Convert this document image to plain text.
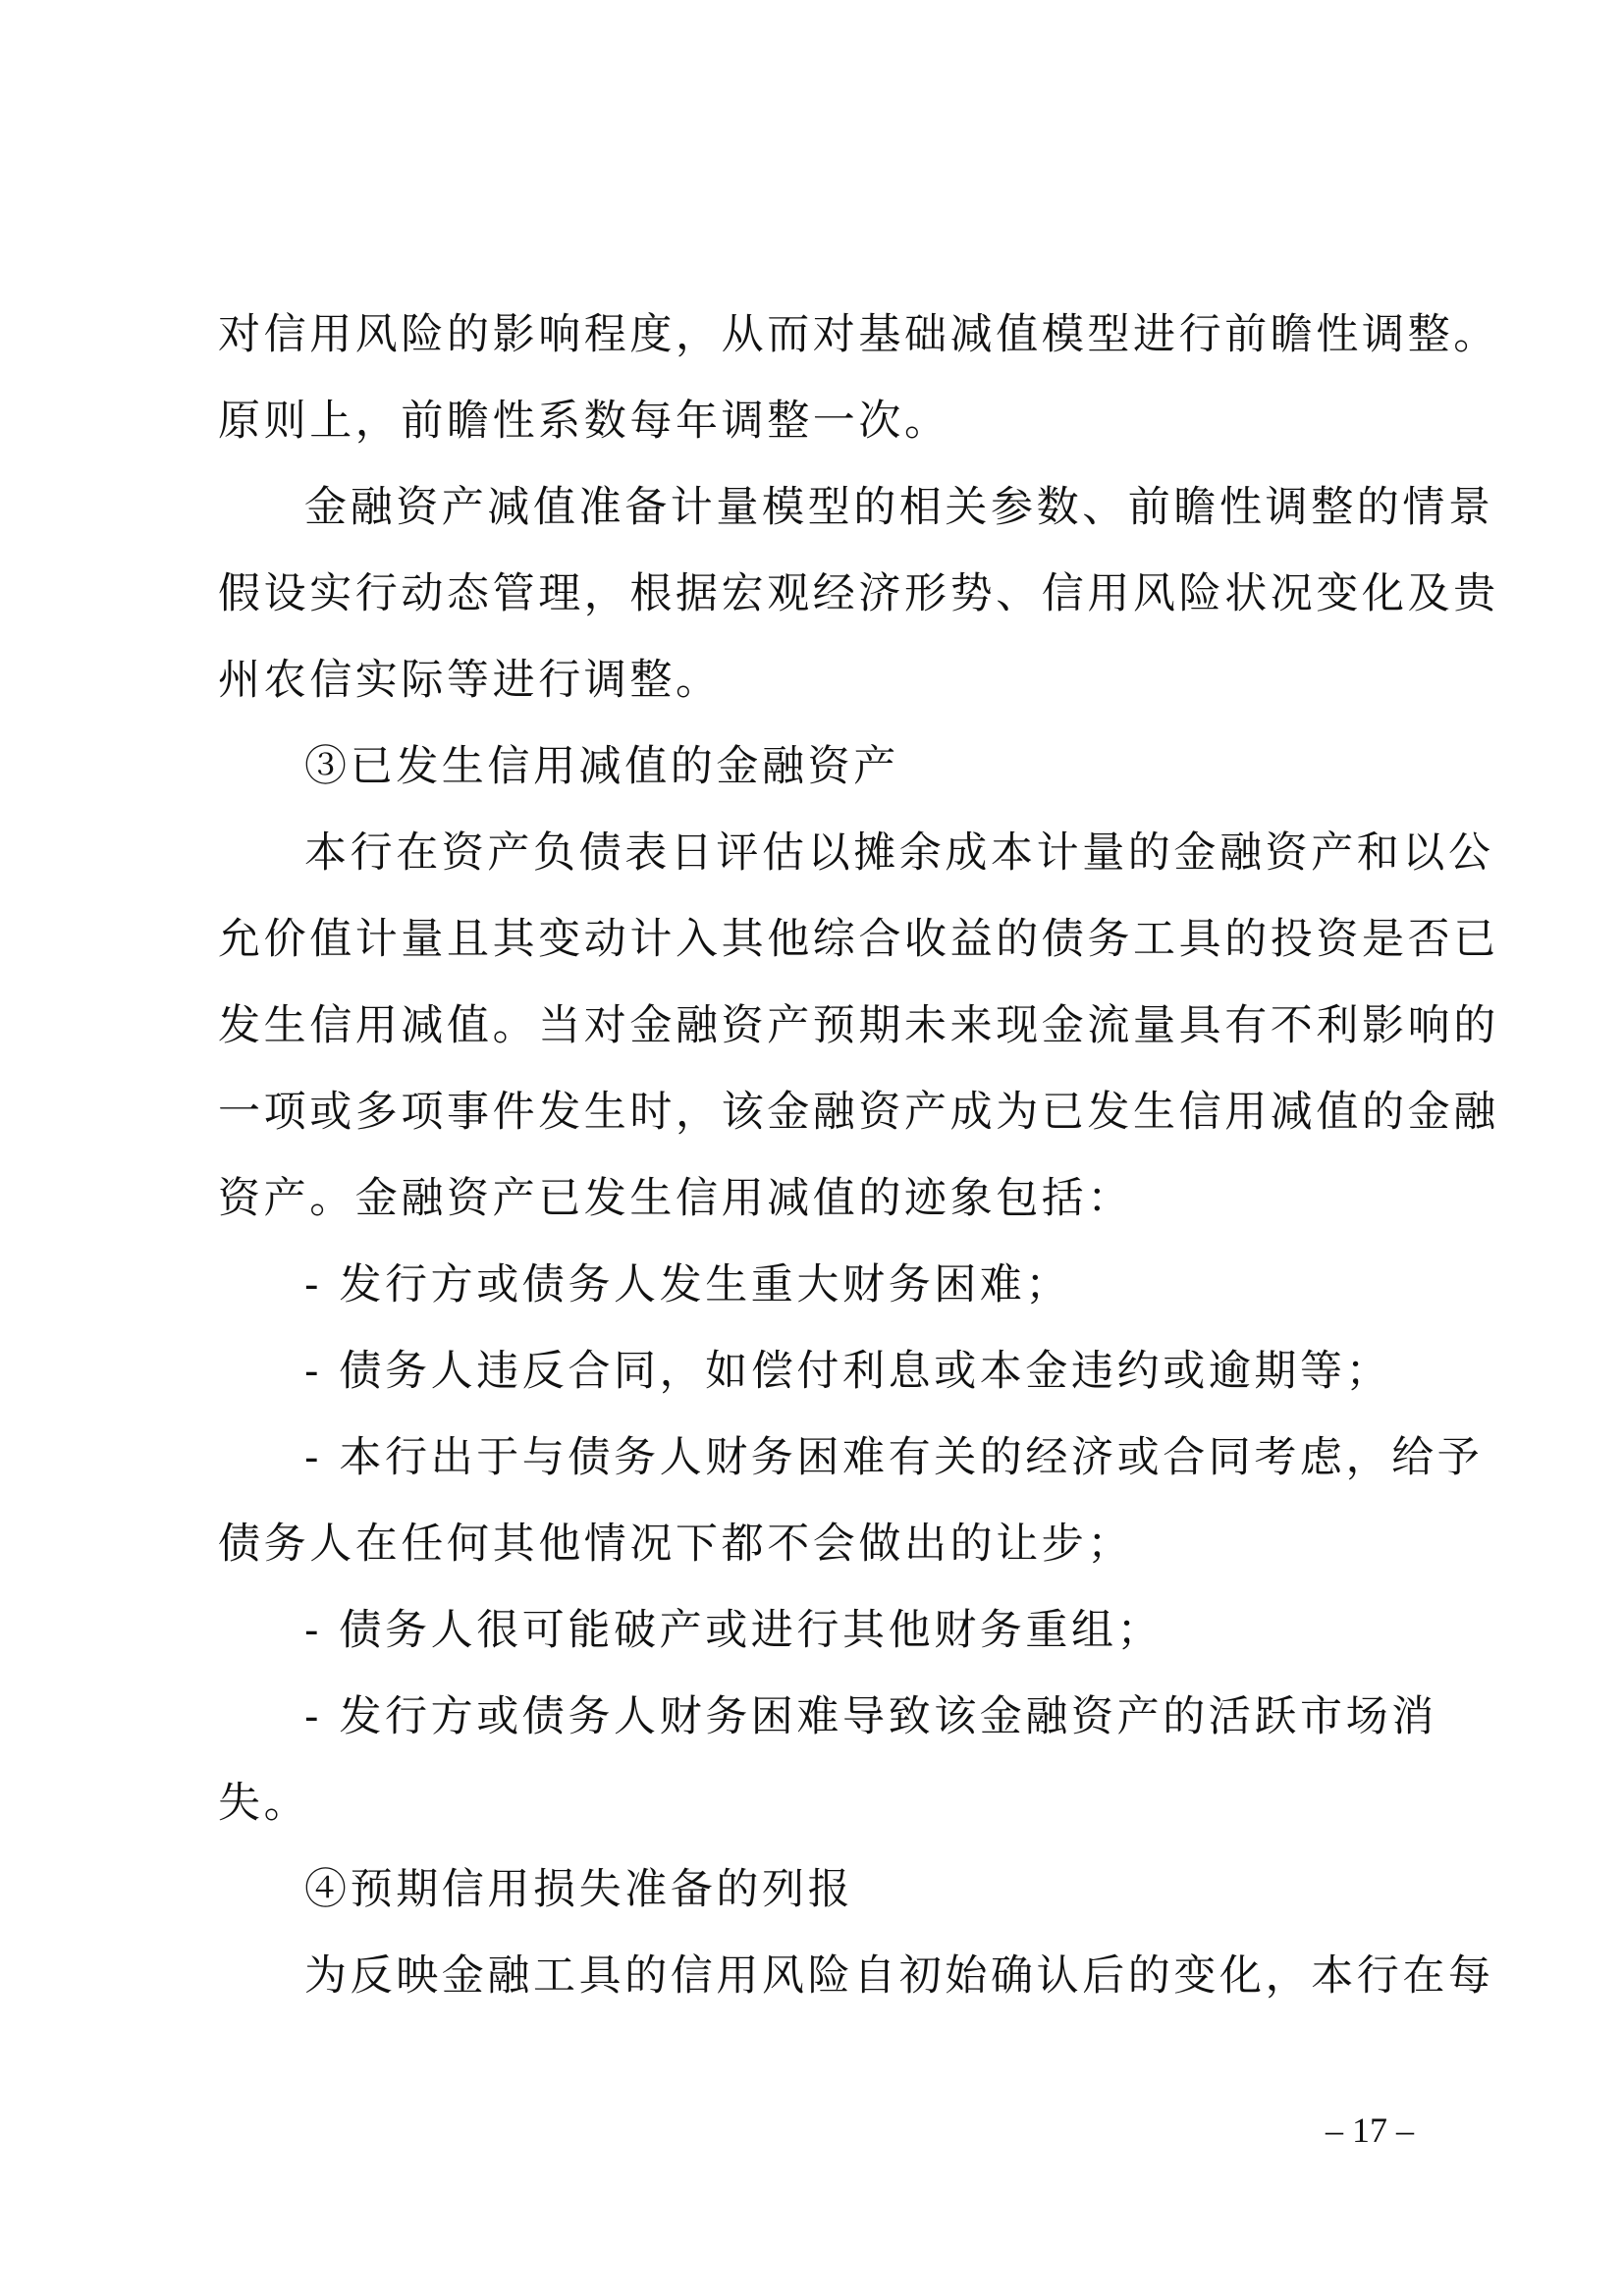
对信用风险的影响程度，从而对基础减值模型进行前瞻性调整。
原则上，前瞻性系数每年调整一次。
金融资产减值准备计量模型的相关参数、前瞻性调整的情景
假设实行动态管理，根据宏观经济形势、信用风险状况变化及贵
州农信实际等进行调整。
③已发生信用减值的金融资产
本行在资产负债表日评估以摊余成本计量的金融资产和以公
允价值计量且其变动计入其他综合收益的债务工具的投资是否已
发生信用减值。当对金融资产预期未来现金流量具有不利影响的
一项或多项事件发生时，该金融资产成为已发生信用减值的金融
资产。金融资产已发生信用减值的迹象包括：
- 发行方或债务人发生重大财务困难；
- 债务人违反合同，如偿付利息或本金违约或逾期等；
- 本行出于与债务人财务困难有关的经济或合同考虑，给予
债务人在任何其他情况下都不会做出的让步；
- 债务人很可能破产或进行其他财务重组；
- 发行方或债务人财务困难导致该金融资产的活跃市场消
失。
④预期信用损失准备的列报
为反映金融工具的信用风险自初始确认后的变化，本行在每
– 17 –
